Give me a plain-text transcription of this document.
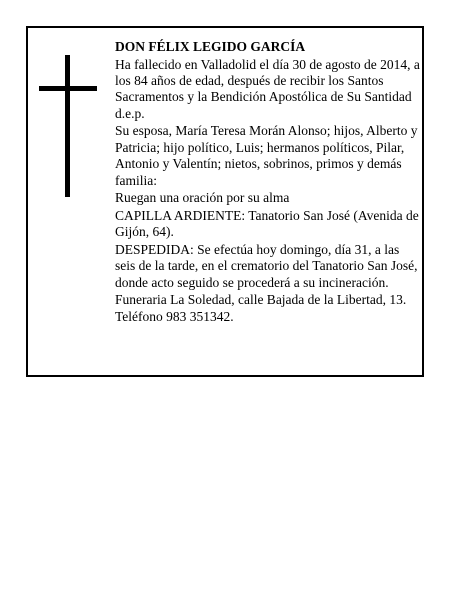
DON FÉLIX LEGIDO GARCÍA

Ha fallecido en Valladolid el día 30 de agosto de 2014, a los 84 años de edad, después de recibir los Santos Sacramentos y la Bendición Apostólica de Su Santidad d.e.p.

Su esposa, María Teresa Morán Alonso; hijos, Alberto y Patricia; hijo político, Luis; hermanos políticos, Pilar, Antonio y Valentín; nietos, sobrinos, primos y demás familia:

Ruegan una oración por su alma

CAPILLA ARDIENTE: Tanatorio San José (Avenida de Gijón, 64).

DESPEDIDA: Se efectúa hoy domingo, día 31, a las seis de la tarde, en el crematorio del Tanatorio San José, donde acto seguido se procederá a su incineración.

Funeraria La Soledad, calle Bajada de la Libertad, 13. Teléfono 983 351342.
